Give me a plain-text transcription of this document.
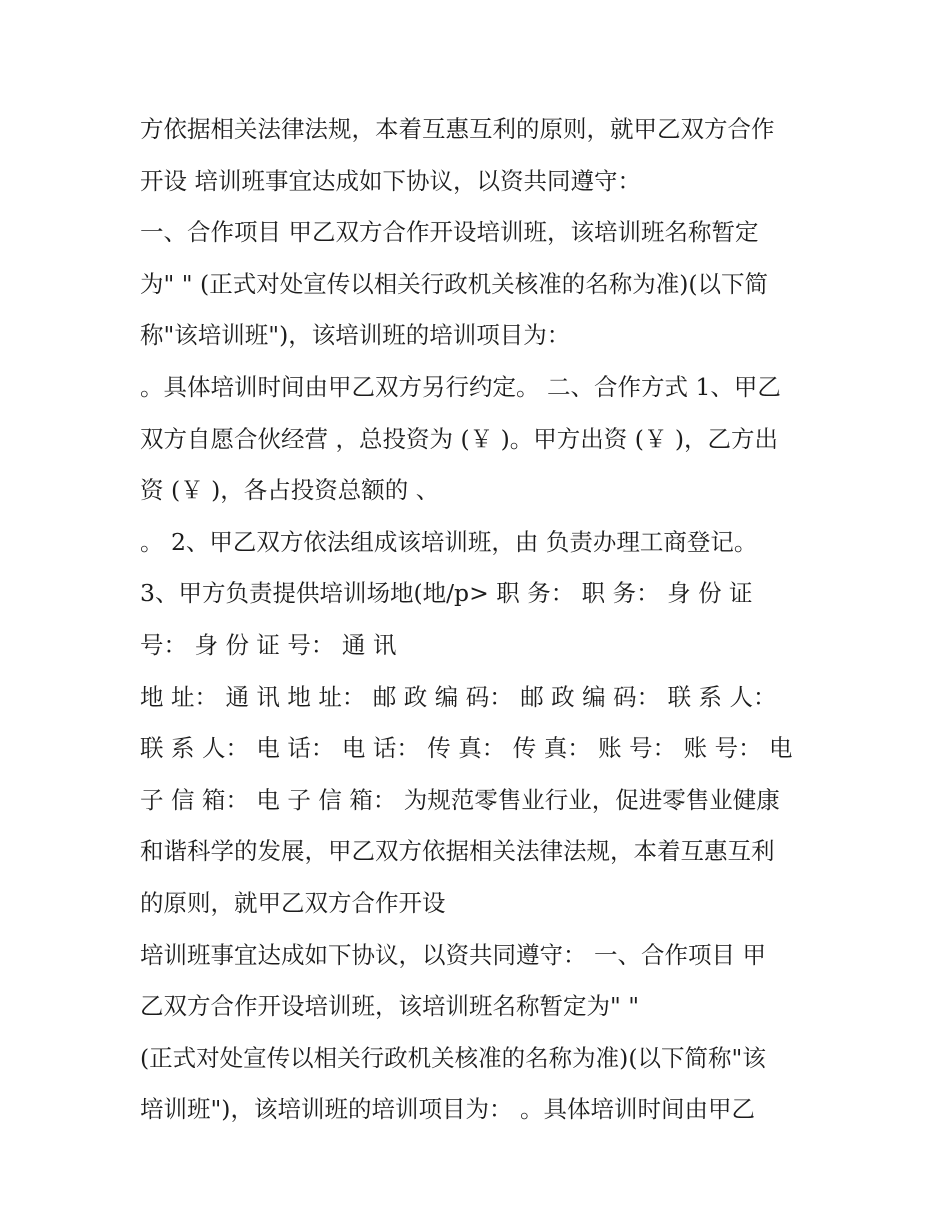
方依据相关法律法规，本着互惠互利的原则，就甲乙双方合作
开设 培训班事宜达成如下协议，以资共同遵守：
一、合作项目 甲乙双方合作开设培训班，该培训班名称暂定
为" " (正式对处宣传以相关行政机关核准的名称为准)(以下简
称"该培训班")，该培训班的培训项目为：
。具体培训时间由甲乙双方另行约定。 二、合作方式 1、甲乙
双方自愿合伙经营 ，总投资为 (￥ )。甲方出资 (￥ )，乙方出
资 (￥ )，各占投资总额的 、
。 2、甲乙双方依法组成该培训班，由 负责办理工商登记。
3、甲方负责提供培训场地(地/p> 职 务： 职 务： 身 份 证
号： 身 份 证 号： 通 讯
地 址： 通 讯 地 址： 邮 政 编 码： 邮 政 编 码： 联 系 人：
联 系 人： 电 话： 电 话： 传 真： 传 真： 账 号： 账 号： 电
子 信 箱： 电 子 信 箱： 为规范零售业行业，促进零售业健康
和谐科学的发展，甲乙双方依据相关法律法规，本着互惠互利
的原则，就甲乙双方合作开设
培训班事宜达成如下协议，以资共同遵守： 一、合作项目 甲
乙双方合作开设培训班，该培训班名称暂定为" "
(正式对处宣传以相关行政机关核准的名称为准)(以下简称"该
培训班")，该培训班的培训项目为： 。具体培训时间由甲乙
